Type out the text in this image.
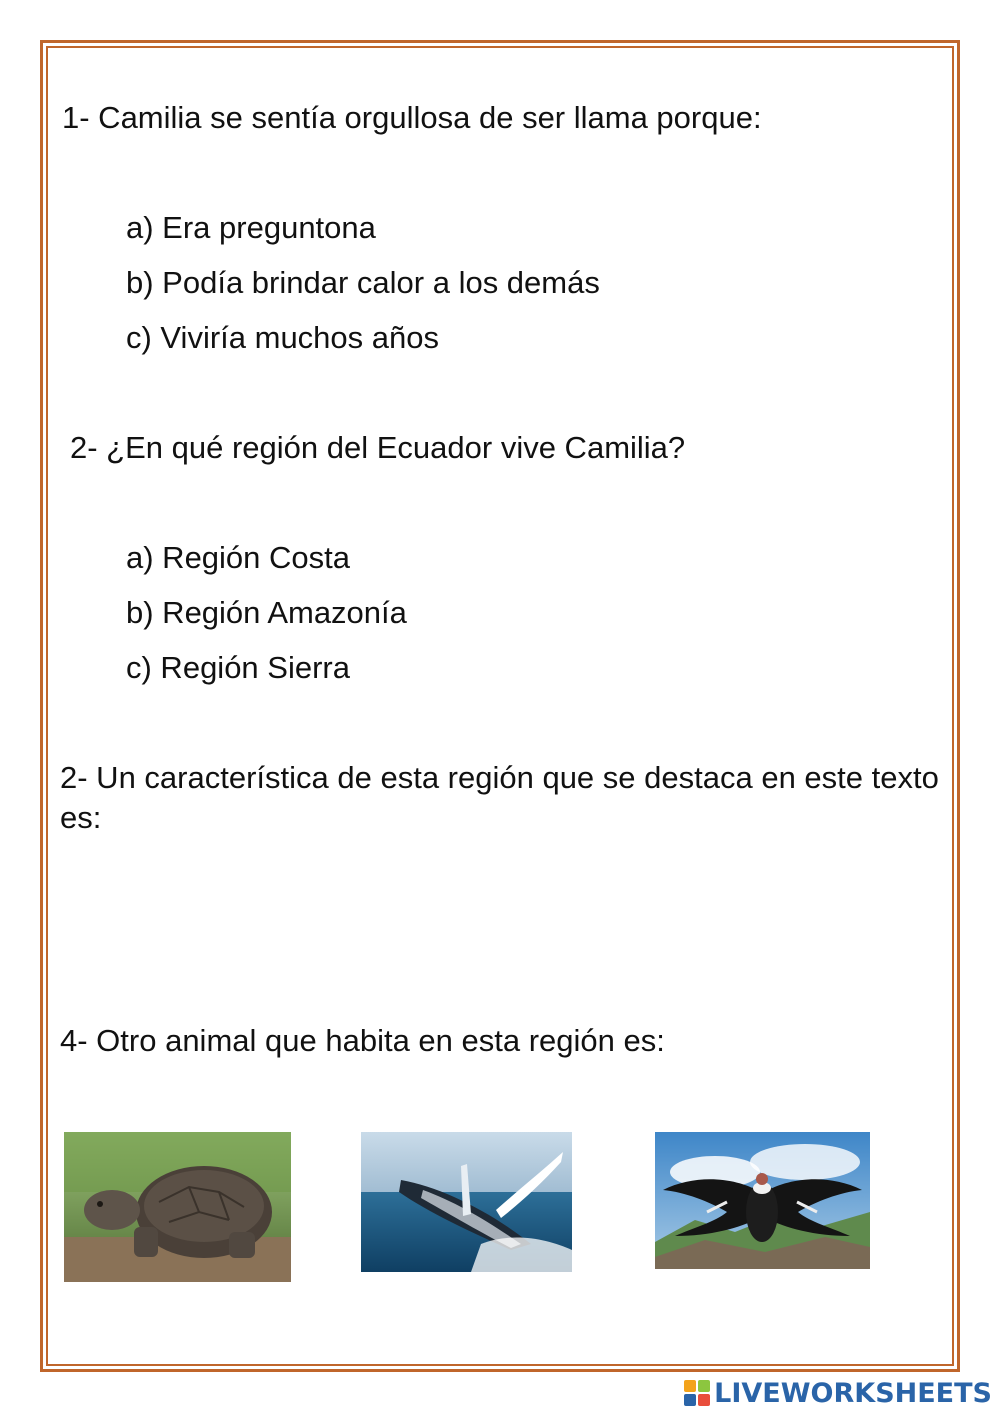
1- Camilia se sentía orgullosa de ser llama porque:
a) Era preguntona
b) Podía brindar calor a los demás
c) Viviría muchos años
2- ¿En qué región del Ecuador vive Camilia?
a) Región Costa
b) Región Amazonía
c) Región Sierra
2- Un característica de esta región que se destaca en este texto es:
4- Otro animal que habita en esta región es:
LIVEWORKSHEETS
